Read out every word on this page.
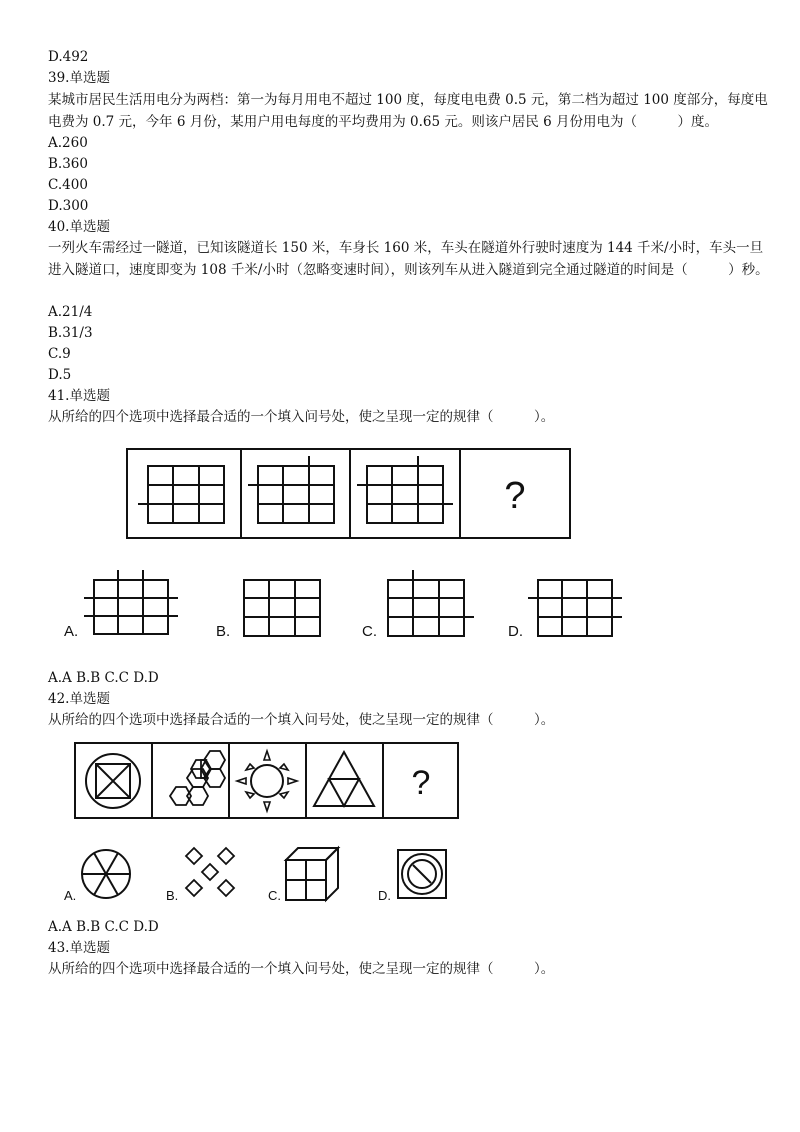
D.492
39.单选题
某城市居民生活用电分为两档：第一为每月用电不超过 100 度，每度电电费 0.5 元，第二档为超过 100 度部分，每度电电费为 0.7 元，今年 6 月份，某用户用电每度的平均费用为 0.65 元。则该户居民 6 月份用电为（　　　）度。
A.260
B.360
C.400
D.300
40.单选题
一列火车需经过一隧道，已知该隧道长 150 米，车身长 160 米，车头在隧道外行驶时速度为 144 千米/小时，车头一旦进入隧道口，速度即变为 108 千米/小时（忽略变速时间），则该列车从进入隧道到完全通过隧道的时间是（　　　）秒。
A.21/4
B.31/3
C.9
D.5
41.单选题
从所给的四个选项中选择最合适的一个填入问号处，使之呈现一定的规律（　　　）。
?
A.	B.	C.	D.
A.A B.B C.C D.D
42.单选题
从所给的四个选项中选择最合适的一个填入问号处，使之呈现一定的规律（　　　）。
?
A.	B.	C.	D.
A.A B.B C.C D.D
43.单选题
从所给的四个选项中选择最合适的一个填入问号处，使之呈现一定的规律（　　　）。
